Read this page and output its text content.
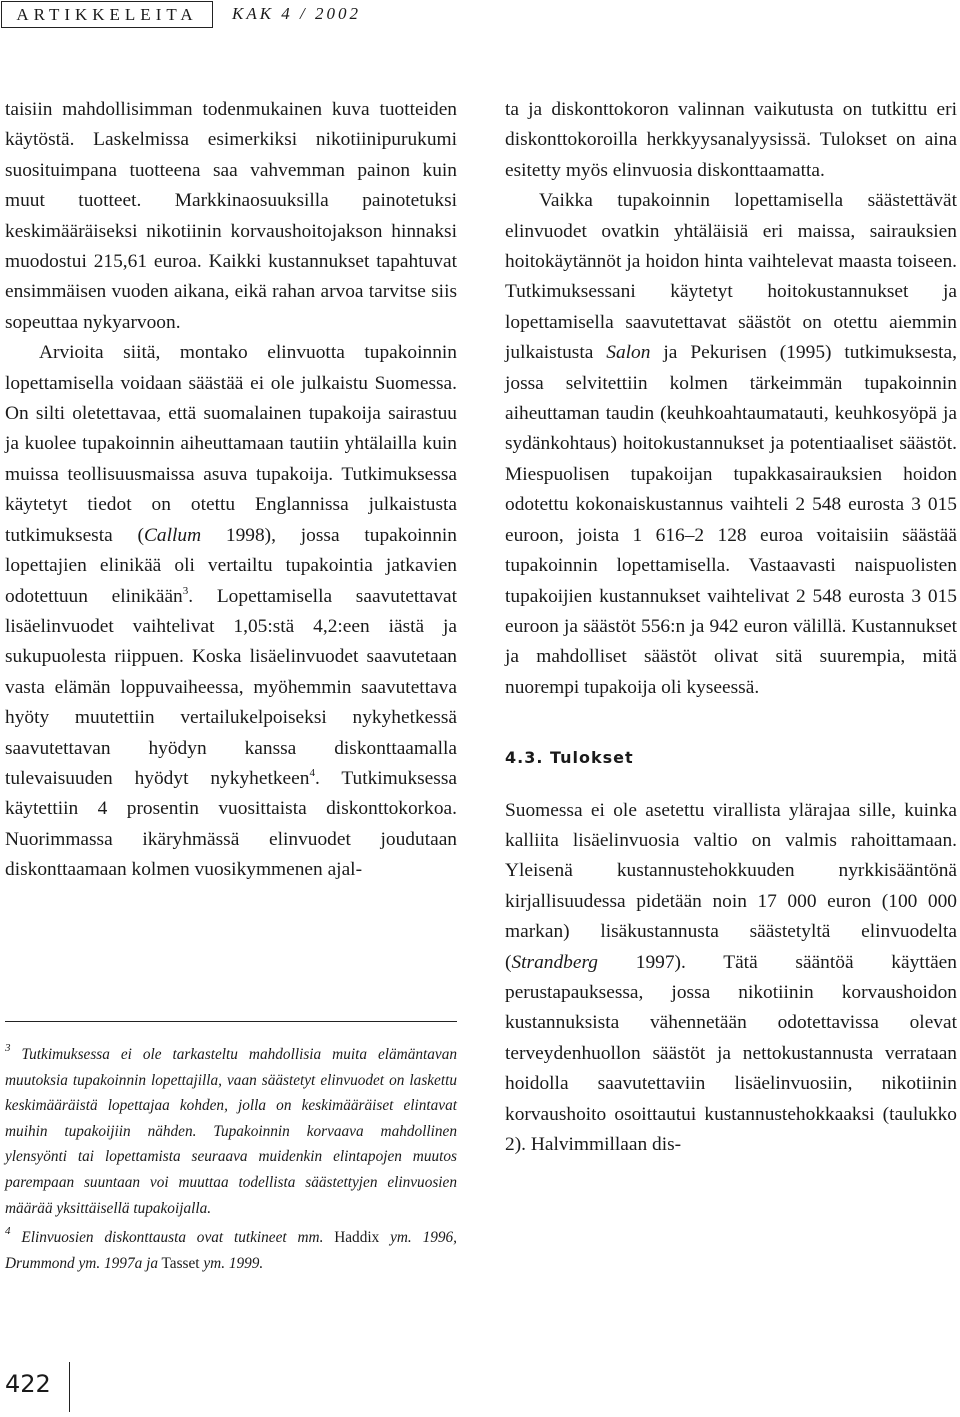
ARTIKKELEITA	KAK 4 / 2002

taisiin mahdollisimman todenmukainen kuva tuotteiden käytöstä. Laskelmissa esimerkiksi nikotiinipurukumi suosituimpana tuotteena saa vahvemman painon kuin muut tuotteet. Markkinaosuuksilla painotetuksi keskimääräiseksi nikotiinin korvaushoitojakson hinnaksi muodostui 215,61 euroa. Kaikki kustannukset tapahtuvat ensimmäisen vuoden aikana, eikä rahan arvoa tarvitse siis sopeuttaa nykyarvoon.

Arvioita siitä, montako elinvuotta tupakoinnin lopettamisella voidaan säästää ei ole julkaistu Suomessa. On silti oletettavaa, että suomalainen tupakoija sairastuu ja kuolee tupakoinnin aiheuttamaan tautiin yhtälailla kuin muissa teollisuusmaissa asuva tupakoija. Tutkimuksessa käytetyt tiedot on otettu Englannissa julkaistusta tutkimuksesta (Callum 1998), jossa tupakoinnin lopettajien elinikää oli vertailtu tupakointia jatkavien odotettuun elinikään$^3$. Lopettamisella saavutettavat lisäelinvuodet vaihtelivat 1,05:stä 4,2:een iästä ja sukupuolesta riippuen. Koska lisäelinvuodet saavutetaan vasta elämän loppuvaiheessa, myöhemmin saavutettava hyöty muutettiin vertailukelpoiseksi nykyhetkessä saavutettavan hyödyn kanssa diskonttaamalla tulevaisuuden hyödyt nykyhetkeen$^4$. Tutkimuksessa käytettiin 4 prosentin vuosittaista diskonttokorkoa. Nuorimmassa ikäryhmässä elinvuodet joudutaan diskonttaamaan kolmen vuosikymmenen ajal-

$^3$ Tutkimuksessa ei ole tarkasteltu mahdollisia muita elämäntavan muutoksia tupakoinnin lopettajilla, vaan säästetyt elinvuodet on laskettu keskimääräistä lopettajaa kohden, jolla on keskimääräiset elintavat muihin tupakoijiin nähden. Tupakoinnin korvaava mahdollinen ylensyönti tai lopettamista seuraava muidenkin elintapojen muutos parempaan suuntaan voi muuttaa todellista säästettyjen elinvuosien määrää yksittäisellä tupakoijalla.

$^4$ Elinvuosien diskonttausta ovat tutkineet mm. Haddix ym. 1996, Drummond ym. 1997a ja Tasset ym. 1999.

ta ja diskonttokoron valinnan vaikutusta on tutkittu eri diskonttokoroilla herkkyysanalyysissä. Tulokset on aina esitetty myös elinvuosia diskonttaamatta.

Vaikka tupakoinnin lopettamisella säästettävät elinvuodet ovatkin yhtäläisiä eri maissa, sairauksien hoitokäytännöt ja hoidon hinta vaihtelevat maasta toiseen. Tutkimuksessani käytetyt hoitokustannukset ja lopettamisella saavutettavat säästöt on otettu aiemmin julkaistusta Salon ja Pekurisen (1995) tutkimuksesta, jossa selvitettiin kolmen tärkeimmän tupakoinnin aiheuttaman taudin (keuhkoahtaumatauti, keuhkosyöpä ja sydänkohtaus) hoitokustannukset ja potentiaaliset säästöt. Miespuolisen tupakoijan tupakkasairauksien hoidon odotettu kokonaiskustannus vaihteli 2 548 eurosta 3 015 euroon, joista 1 616–2 128 euroa voitaisiin säästää tupakoinnin lopettamisella. Vastaavasti naispuolisten tupakoijien kustannukset vaihtelivat 2 548 eurosta 3 015 euroon ja säästöt 556:n ja 942 euron välillä. Kustannukset ja mahdolliset säästöt olivat sitä suurempia, mitä nuorempi tupakoija oli kyseessä.

4.3. Tulokset

Suomessa ei ole asetettu virallista ylärajaa sille, kuinka kalliita lisäelinvuosia valtio on valmis rahoittamaan. Yleisenä kustannustehokkuuden nyrkkisääntönä kirjallisuudessa pidetään noin 17 000 euron (100 000 markan) lisäkustannusta säästetyltä elinvuodelta (Strandberg 1997). Tätä sääntöä käyttäen perustapauksessa, jossa nikotiinin korvaushoidon kustannuksista vähennetään odotettavissa olevat terveydenhuollon säästöt ja nettokustannusta verrataan hoidolla saavutettaviin lisäelinvuosiin, nikotiinin korvaushoito osoittautui kustannustehokkaaksi (taulukko 2). Halvimmillaan dis-

422
